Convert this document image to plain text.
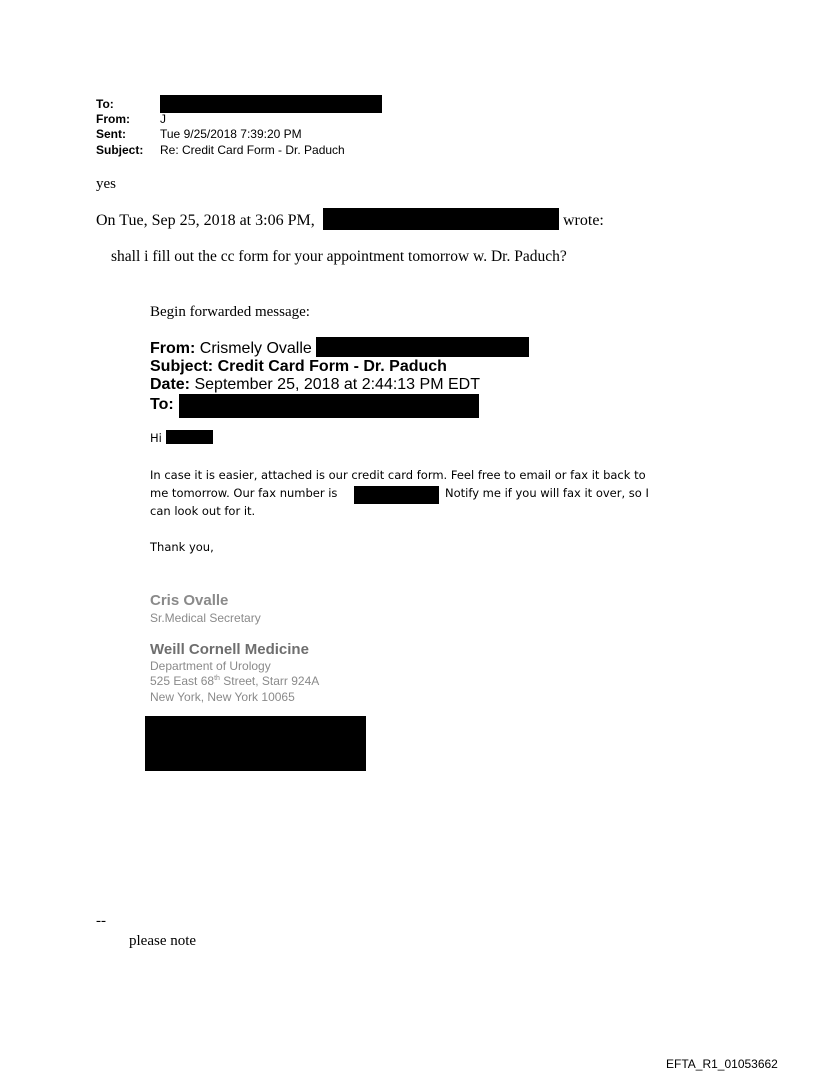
To:
From:	J
Sent:	Tue 9/25/2018 7:39:20 PM
Subject: Re: Credit Card Form - Dr. Paduch
yes
On Tue, Sep 25, 2018 at 3:06 PM,	wrote:
shall i fill out the cc form for your appointment tomorrow w. Dr. Paduch?
Begin forwarded message:
From: Crismely Ovalle
Subject: Credit Card Form - Dr. Paduch
Date: September 25, 2018 at 2:44:13 PM EDT
To:
Hi
In case it is easier, attached is our credit card form. Feel free to email or fax it back to
me tomorrow. Our fax number is	Notify me if you will fax it over, so I
can look out for it.
Thank you,
Cris Ovalle
Sr.Medical Secretary
Weill Cornell Medicine
Department of Urology
525 East 68th Street, Starr 924A
New York, New York 10065
--
please note
EFTA_R1_01053662
